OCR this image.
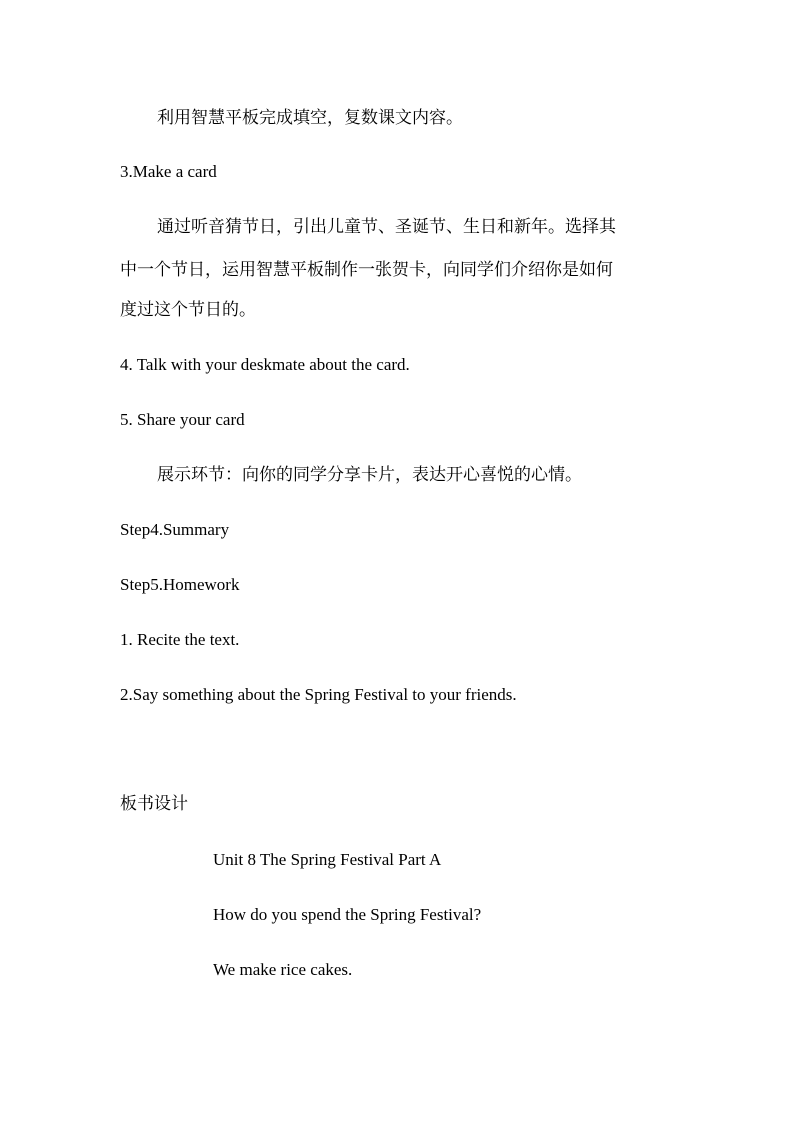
利用智慧平板完成填空，复数课文内容。
3.Make a card
通过听音猜节日，引出儿童节、圣诞节、生日和新年。选择其
中一个节日，运用智慧平板制作一张贺卡，向同学们介绍你是如何
度过这个节日的。
4. Talk with your deskmate about the card.
5. Share your card
展示环节：向你的同学分享卡片，表达开心喜悦的心情。
Step4.Summary
Step5.Homework
1. Recite the text.
2.Say something about the Spring Festival to your friends.
板书设计
Unit 8 The Spring Festival Part A
How do you spend the Spring Festival?
We make rice cakes.
